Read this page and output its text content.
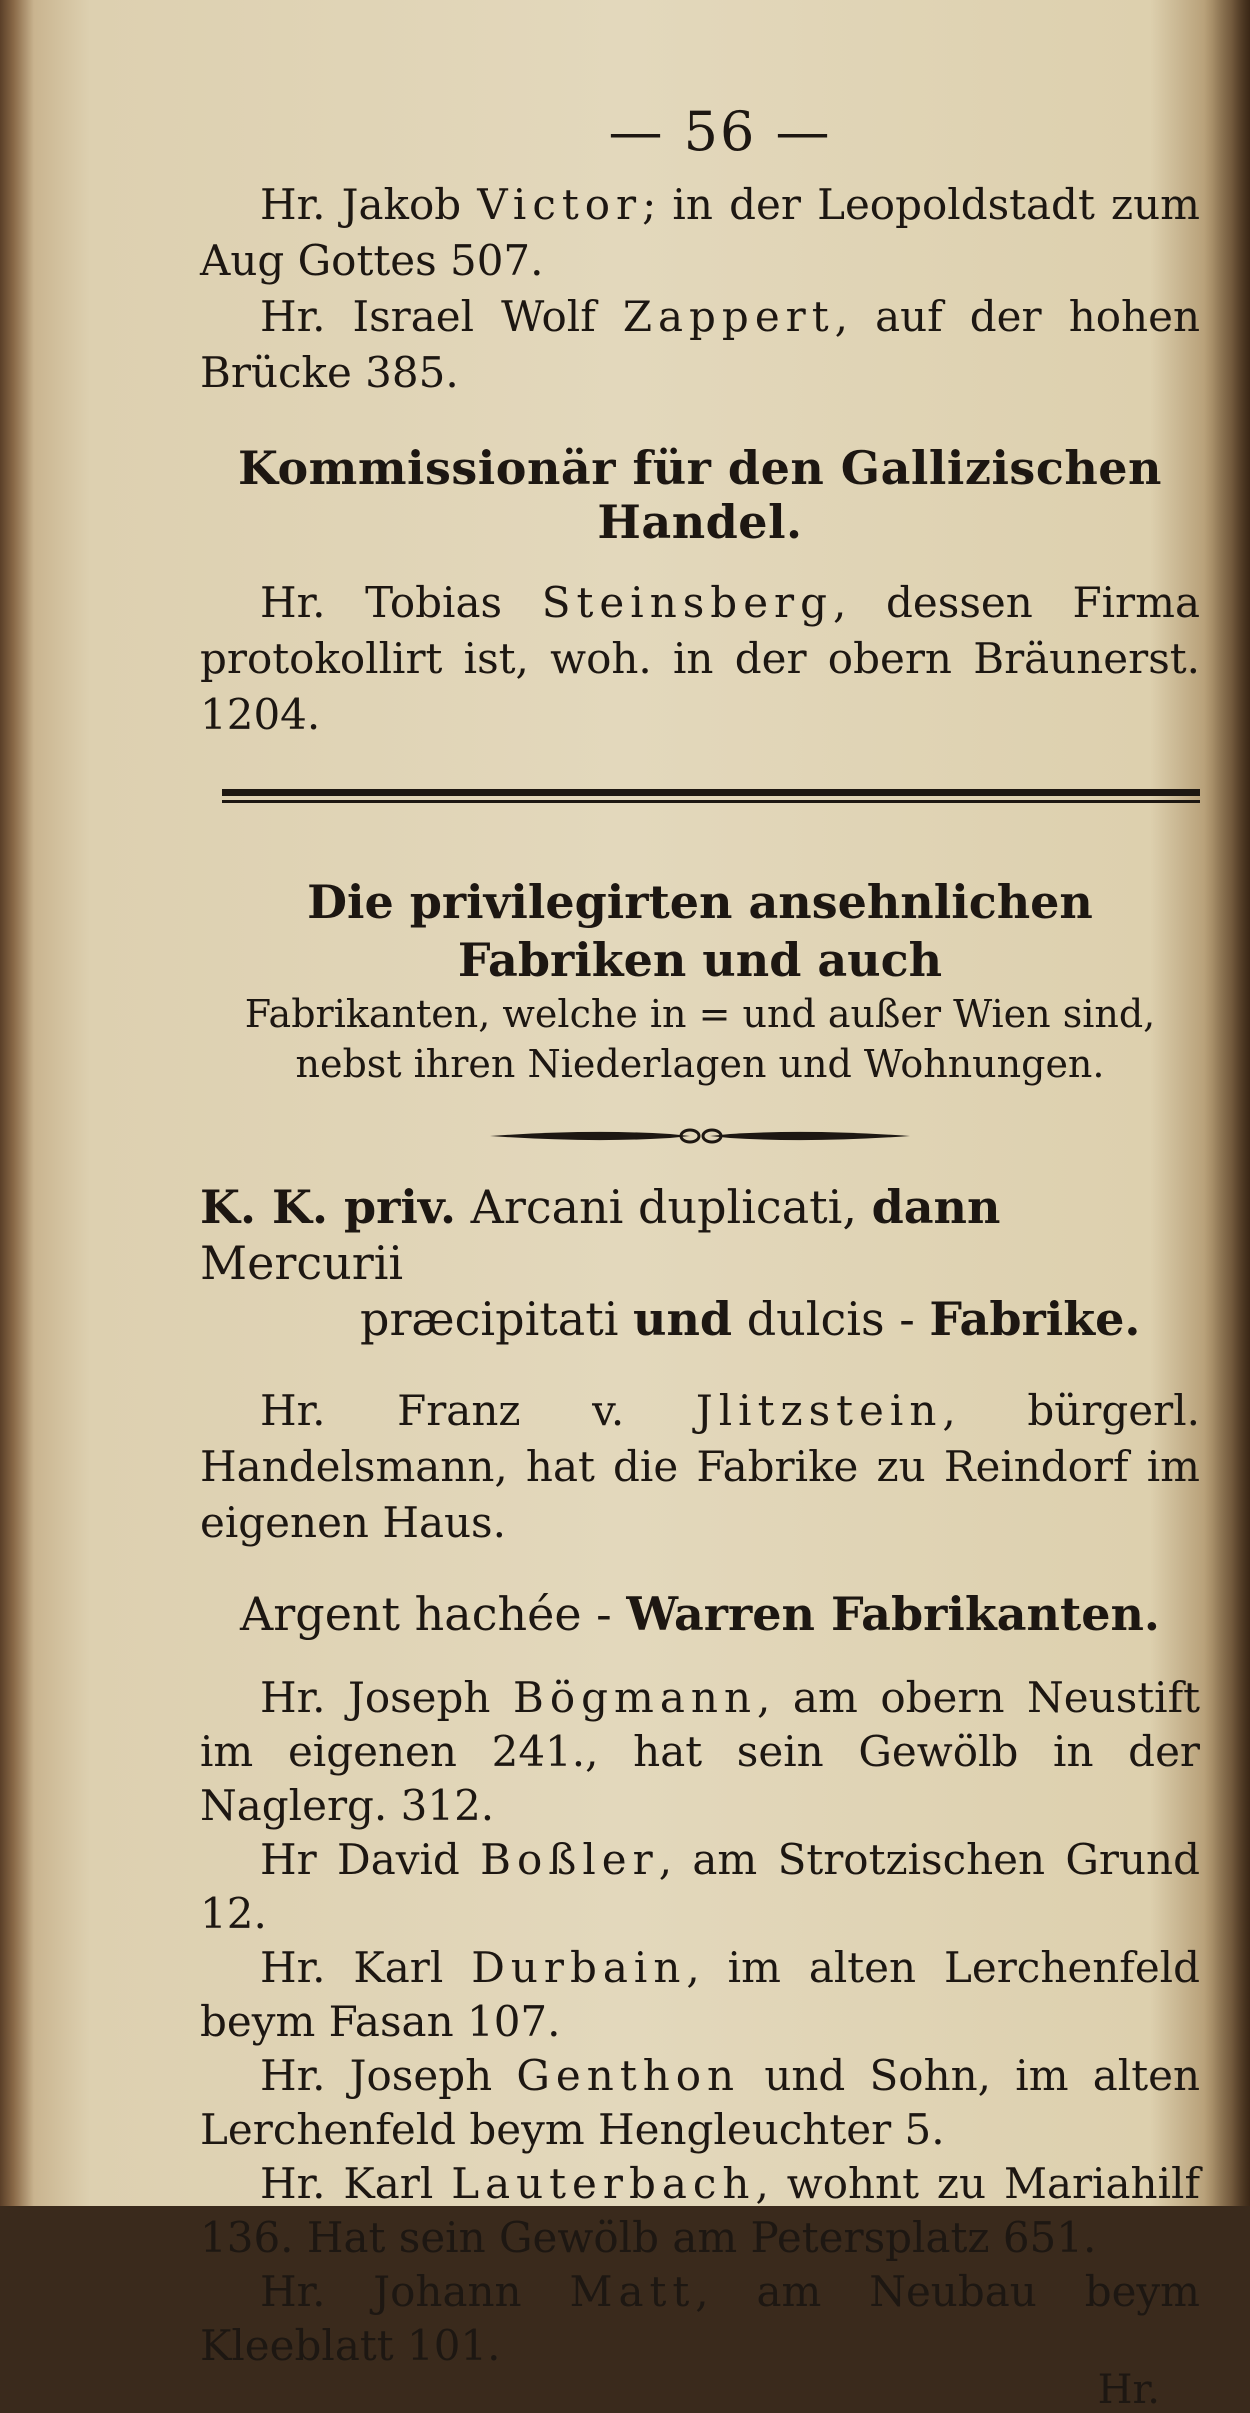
— 56 —

Hr. Jakob Victor; in der Leopoldstadt zum Aug Gottes 507.

Hr. Israel Wolf Zappert, auf der hohen Brücke 385.

Kommissionär für den Gallizischen Handel.

Hr. Tobias Steinsberg, dessen Firma protokollirt ist, woh. in der obern Bräunerst. 1204.

Die privilegirten ansehnlichen Fabriken und auch
Fabrikanten, welche in = und außer Wien sind,
nebst ihren Niederlagen und Wohnungen.
K. K. priv. Arcani duplicati, dann Mercurii
præcipitati und dulcis - Fabrike.

Hr. Franz v. Jlitzstein, bürgerl. Handelsmann, hat die Fabrike zu Reindorf im eigenen Haus.

Argent hachée - Warren Fabrikanten.

Hr. Joseph Bögmann, am obern Neustift im eigenen 241., hat sein Gewölb in der Naglerg. 312.

Hr David Boßler, am Strotzischen Grund 12.

Hr. Karl Durbain, im alten Lerchenfeld beym Fasan 107.

Hr. Joseph Genthon und Sohn, im alten Lerchenfeld beym Hengleuchter 5.

Hr. Karl Lauterbach, wohnt zu Mariahilf 136. Hat sein Gewölb am Petersplatz 651.

Hr. Johann Matt, am Neubau beym Kleeblatt 101.

Hr.
